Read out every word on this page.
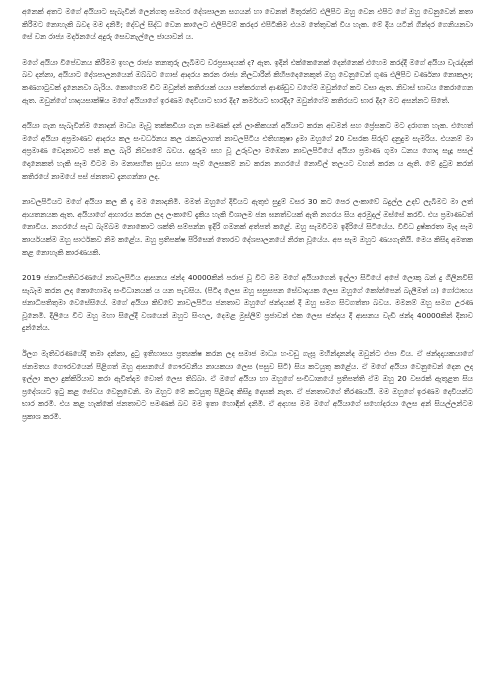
අනෙක් අතට මගේ අයියාට සැබැවින් ලෙන්ගතු සමහර දේශපාලන සගයන් හා වෙනත් මිතුරන්ට එලිපිට ඔහු වෙන එපිට ගේ ඔහු වෙනුවෙන් කතා කිරීමට නොහැකි බවද මම දනිමි; දේවල් සිද්ධ වෙන කාලෙට එලිපිටම් කරදර එපිටිකිම එයම තේතුවක් විය හැක. මේ දිය යටින් ගින්දර ගෙනියනවා සේ වන රාජ්‍ය මර්දනයේ අදුරු සෙවනැල්ලෙ ජායාවන් ය.

මගේ අයියා විපේවනය කිරීමම ඉහල රාජ්‍ය තනතුරු ලැබීමට වරප්‍රසාදයක් ද? ඇත. ඉදින් එක්කෙනෙක් දෙන්නෙක් එහෙම කරද්දී මගේ අයියා වැරැද්දක් බව දන්නා, අයියාට දේශපාලනයෙන් ඔබ්බට ගොස් ආදරය කරන රාජ්‍ය නිලධාරීන් කිහිපදෙනෙකුත් ඔහු වෙනුවෙන් ගුණ එලිපිට වර්ණනා නොකලා; කණගාටුවක් දැනෙනවා බැරිය. කොහොම් චිට ඔවුන්ත් කතිරයක් යයා පත්කරගත් ආණ්ඩුව වගේම ඔවුන්ගේ කට වසා ඇත. නිවාස් භාවය කෙරාගෙන ඇත. ඔවුන්ගේ හෘදයසාක්ෂිය මගේ අයියාගේ ඉරණම දෙවියාට භාර දිද? කර්මයට භාරදිද? ඔවුන්ගේම කතිරයට භාර දිද? මට අසන්නට සිතේ.

අයියා ගැන සැබැවින්ම නොදන් මාධ්‍ය මැවූ තක්කඩියා ගැන පමණක් දන් ලාංකිකයන් අයියාට කරන අවමන් සහ ප්‍රේසකට මට දරාගත හැක. එහෙත් මගේ අයියා අප්‍රමාණව ආදරය කල සංවර්ධනය කල රැකබලාගත් නාවලපිටිය එතිහකුෂා ද්‍රමා ඔහුගේ 20 වසරක සිරුව් දනුදුම සැමරිය. එයනම් මා අප්‍රමාණ වෙදනාවට පත් කල බැරි නිවසමේ බවය. දදුරුම සහ වූ උරුවලා මඹෙනා නාවලපිටියේ අයියා ප්‍රමාණ ගුමා ධනය ගොදා සැදූ පසල් දොනෙකත් හැකි සෑම විටම මා මනාසහිත සුවය සහා පෑම් ලෙසකම් නව කරන නගරයේ නොවිල් තලයට වහන් කරන ය ඇති. මේ දුටුම කරන් කතිරයේ නාමයේ පස් ජනතාව දැනගන්නා ලද.

නාවලපිටියට මගේ අයියා කල කී දෑ මම නොදනිමි. මමත් ඔහුගේ දිවියට ඇතුළු සුදුම් වසර 30 කට පෙර ලංකාවේ බදුල්ල උදව් ලැබීමට මා ලත් ආයතනයක ඇත. අයියාගේ ආහාරය කරන ලද ලංකාවේ දැකිය හැකි විශාලම ජන ඝනත්වයක් ඇති නගරය සිය අරමුදල් ඔස්සේ කරවී. එය ප්‍රමාණවත් නොවීය. නගරයේ සැඩ බැම්බම නොකොට ශක්ති සම්පන්න ඉදිරි ගමනක් අත්පත් කළේ. ඔහු සැමවිටම ඉදිරියේ සිටියේය. විවිධ දුෂ්කරතා මැද සෑම කාර්යයක්ම ඔහු සාර්ථකව නිම කළේය. ඔහු ප්‍රතිපක්ෂ පිරිසෙන් තොරව දේශපාලනයේ නිරත වූයේය. අප සැම ඔහුට ණයගැතියි. මෙය කිසිදා අමතක කළ නොහැකි කාරණයකි.

2019 ජනාධිපතිවරණයේ නාවලපිටිය ආසනය ඡන්ද 40000කින් පරාජ වූ විට මම මගේ අයියාගෙන් ඉල්ලා සිටියේ අපේ ලොකු බන් දු ගිලිනවිසි සැබෑම කරන ලද කොහොමද සංවිධානයක් ය යන පැවසිය. (පිටිද ලෙස ඔහු සසුසපන සේවාදායක ලෙස ඔහුගේ කෝන්පෙන් බැලීමත් ය) ගෝඨාභය ජනාධිපතිතුමා වෙසේසියේ. මගේ අයියා කිව්වේ නාවලපිටිය ජනතාව ඔහුගේ ඡන්දයක් දී ඔහු සමග සිටගත්තා බවය. මමනම් ඔහු සමග උරණ වූනෙමි. දිලියෙ වීට ඔහු මහා සිලේදී වශයෙන් ඔහුට සිංහල, දෙමළ මුස්ලිම් ප්‍රජාවන් එක ලෙස ඡන්දය දී ආසනය වැඩි ඡන්ද 40000කින් දිනාව දුන්නේය.

ඊලග මැතිවරණයේදී තමා දන්නා, දුටු ඉතිහාසය ප්‍රත්‍යක්ෂ කරන ලද සමාජ මාධ්‍ය හංවඩු ගැසූ මහින්දානන්ද ඔවුන්ට එපා විය. ඒ ඡන්දදායකයාගේ ජනමතය ගෞරවයෙන් පිළිගත් ඔහු ආසනයේ ගෞරවනීය නායකයා ලෙස (පසුව සිටි) සිය කටයුතු කළේය. ඒ මගේ අයියා වෙනුවෙන් දෙන ලද ඉල්ලා කලා දුක්කිරියාව කරා ඇවිත්දාම වොත් ලෙස තිබ්බා. ඒ මගේ අයියා හා ඔහුගේ සංවිධානයේ ප්‍රතිපත්ති ඒම ඔහු 20 වසරක් ඇතුළත සිය ප්‍රදේශයට ඉටු කළ සේවය වෙනුවෙනි. මා ඔහුට මේ කටයුතු පිළිබඳ කිසිදු දොසක් නැත. ඒ ජනතාවගේ තීරණයයි. මම ඔහුගේ ඉරණම දෙවියන්ට භාර කරමි. එය කළ හැක්කේ ජනතාවට පමණක් බව මම ඉතා හොඳින් දනිමි. ඒ අදහස මම මගේ අයියාගේ සහෝදරයා ලෙස අන් සියල්ලන්ටම ප්‍රකාශ කරමි.
